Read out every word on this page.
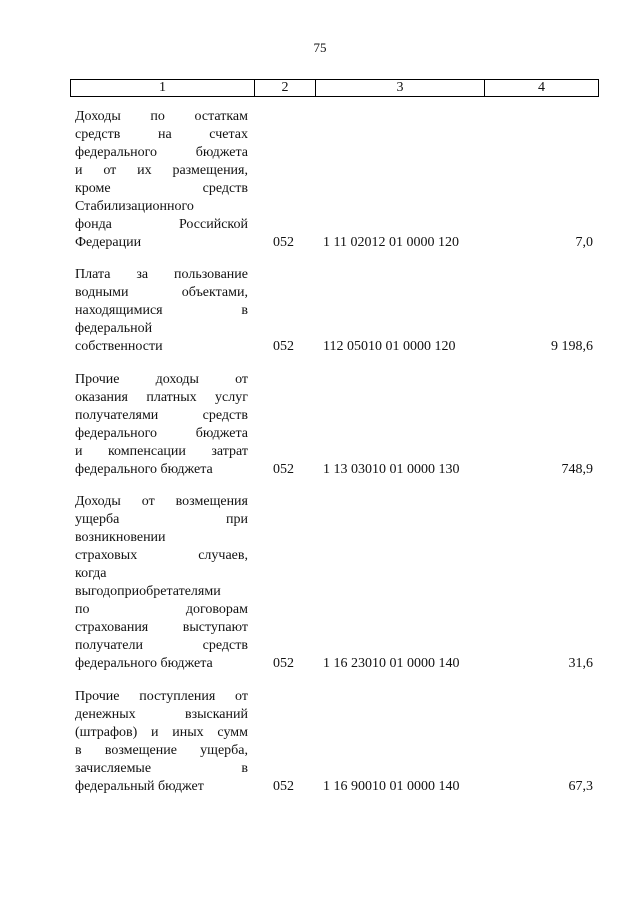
75
1	2	3	4
Доходы по остаткам
средств на счетах
федерального бюджета
и от их размещения,
кроме средств
Стабилизационного
фонда Российской
Федерации	052	1 11 02012 01 0000 120	7,0
Плата за пользование
водными объектами,
находящимися в
федеральной
собственности	052	112 05010 01 0000 120	9 198,6
Прочие доходы от
оказания платных услуг
получателями средств
федерального бюджета
и компенсации затрат
федерального бюджета	052	1 13 03010 01 0000 130	748,9
Доходы от возмещения
ущерба при
возникновении
страховых случаев,
когда
выгодоприобретателями
по договорам
страхования выступают
получатели средств
федерального бюджета	052	1 16 23010 01 0000 140	31,6
Прочие поступления от
денежных взысканий
(штрафов) и иных сумм
в возмещение ущерба,
зачисляемые в
федеральный бюджет	052	1 16 90010 01 0000 140	67,3
